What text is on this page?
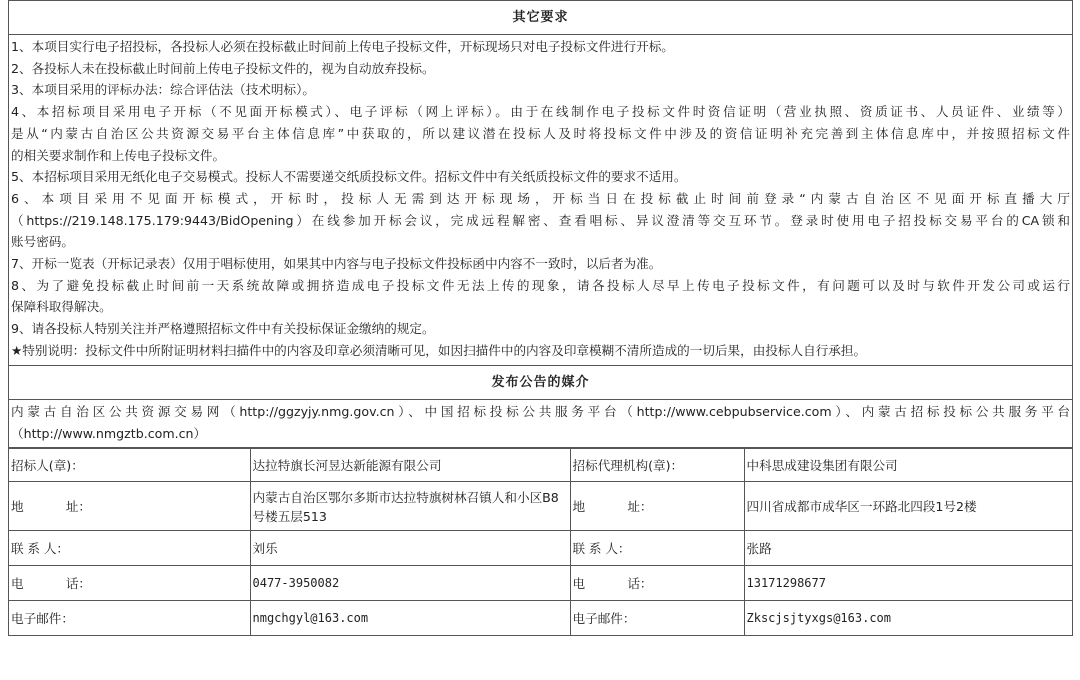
其它要求
1、本项目实行电子招投标，各投标人必须在投标截止时间前上传电子投标文件，开标现场只对电子投标文件进行开标。
2、各投标人未在投标截止时间前上传电子投标文件的，视为自动放弃投标。
3、本项目采用的评标办法：综合评估法（技术明标）。
4、本招标项目采用电子开标（不见面开标模式）、电子评标（网上评标）。由于在线制作电子投标文件时资信证明（营业执照、资质证书、人员证件、业绩等）
是从“内蒙古自治区公共资源交易平台主体信息库”中获取的，所以建议潜在投标人及时将投标文件中涉及的资信证明补充完善到主体信息库中，并按照招标文件
的相关要求制作和上传电子投标文件。
5、本招标项目采用无纸化电子交易模式。投标人不需要递交纸质投标文件。招标文件中有关纸质投标文件的要求不适用。
6、本项目采用不见面开标模式，开标时，投标人无需到达开标现场，开标当日在投标截止时间前登录“内蒙古自治区不见面开标直播大厅
（https://219.148.175.179:9443/BidOpening）在线参加开标会议，完成远程解密、查看唱标、异议澄清等交互环节。登录时使用电子招投标交易平台的CA锁和
账号密码。
7、开标一览表（开标记录表）仅用于唱标使用，如果其中内容与电子投标文件投标函中内容不一致时，以后者为准。
8、为了避免投标截止时间前一天系统故障或拥挤造成电子投标文件无法上传的现象，请各投标人尽早上传电子投标文件，有问题可以及时与软件开发公司或运行
保障科取得解决。
9、请各投标人特别关注并严格遵照招标文件中有关投标保证金缴纳的规定。
★特别说明：投标文件中所附证明材料扫描件中的内容及印章必须清晰可见，如因扫描件中的内容及印章模糊不清所造成的一切后果，由投标人自行承担。
发布公告的媒介
内蒙古自治区公共资源交易网（http://ggzyjy.nmg.gov.cn）、中国招标投标公共服务平台（http://www.cebpubservice.com）、内蒙古招标投标公共服务平台
（http://www.nmgztb.com.cn）
招标人(章)：	达拉特旗长河昱达新能源有限公司	招标代理机构(章)：	中科思成建设集团有限公司

地 址：	内蒙古自治区鄂尔多斯市达拉特旗树林召镇人和小区B8号楼五层513	地 址：	四川省成都市成华区一环路北四段1号2楼

联 系 人：	刘乐	联 系 人：	张路

电 话：	0477-3950082	电 话：	13171298677
电子邮件：	nmgchgyl@163.com	电子邮件：	Zkscjsjtyxgs@163.com
